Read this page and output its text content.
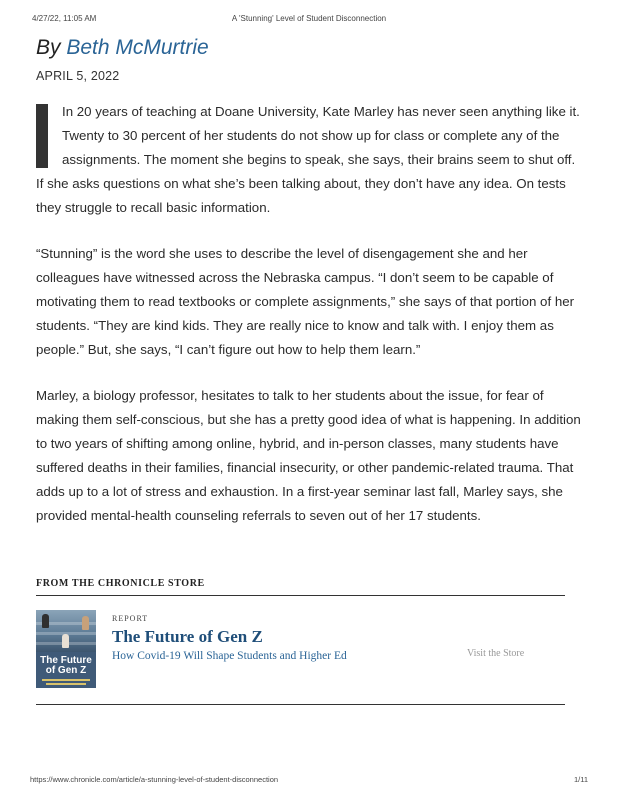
4/27/22, 11:05 AM	A 'Stunning' Level of Student Disconnection
By Beth McMurtrie
APRIL 5, 2022

In 20 years of teaching at Doane University, Kate Marley has never seen anything like it. Twenty to 30 percent of her students do not show up for class or complete any of the assignments. The moment she begins to speak, she says, their brains seem to shut off. If she asks questions on what she’s been talking about, they don’t have any idea. On tests they struggle to recall basic information.

“Stunning” is the word she uses to describe the level of disengagement she and her colleagues have witnessed across the Nebraska campus. “I don’t seem to be capable of motivating them to read textbooks or complete assignments,” she says of that portion of her students. “They are kind kids. They are really nice to know and talk with. I enjoy them as people.” But, she says, “I can’t figure out how to help them learn.”

Marley, a biology professor, hesitates to talk to her students about the issue, for fear of making them self-conscious, but she has a pretty good idea of what is happening. In addition to two years of shifting among online, hybrid, and in-person classes, many students have suffered deaths in their families, financial insecurity, or other pandemic-related trauma. That adds up to a lot of stress and exhaustion. In a first-year seminar last fall, Marley says, she provided mental-health counseling referrals to seven out of her 17 students.

FROM THE CHRONICLE STORE
The Future of Gen Z
REPORT
The Future of Gen Z
How Covid-19 Will Shape Students and Higher Ed	Visit the Store
https://www.chronicle.com/article/a-stunning-level-of-student-disconnection	1/11
